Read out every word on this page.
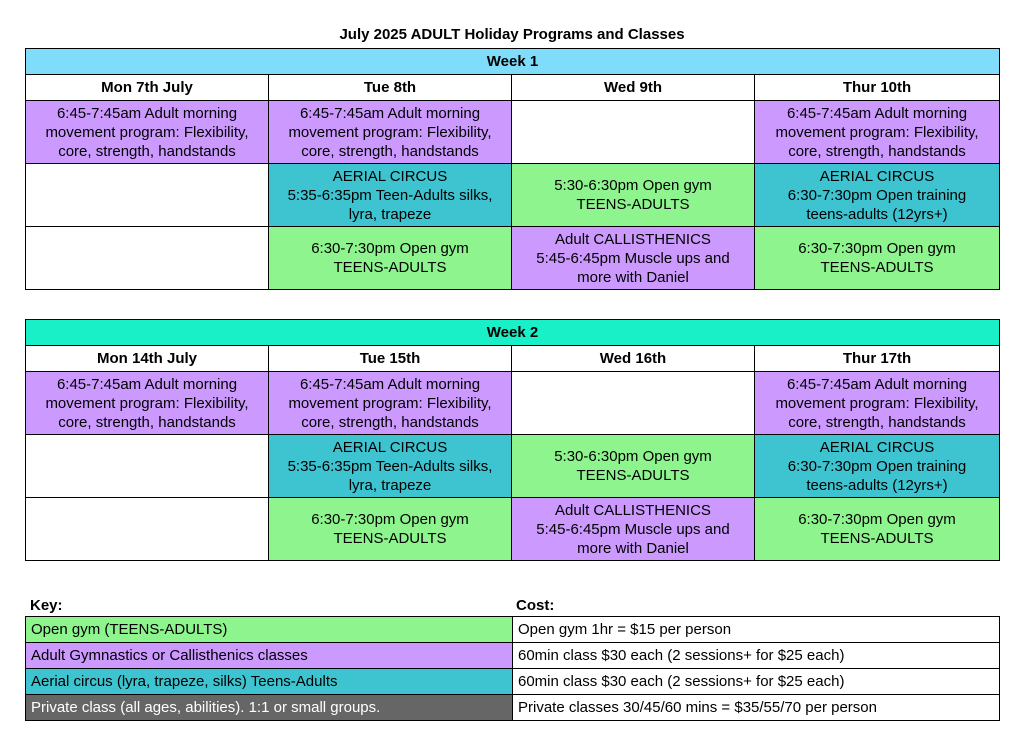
July 2025 ADULT Holiday Programs and Classes
Week 1			
Mon 7th July	Tue 8th	Wed 9th	Thur 10th

6:45-7:45am Adult morning
movement program: Flexibility,
core, strength, handstands	6:45-7:45am Adult morning
movement program: Flexibility,
core, strength, handstands		6:45-7:45am Adult morning
movement program: Flexibility,
core, strength, handstands

	AERIAL CIRCUS
5:35-6:35pm Teen-Adults silks,
lyra, trapeze	5:30-6:30pm Open gym
TEENS-ADULTS	AERIAL CIRCUS
6:30-7:30pm Open training
teens-adults (12yrs+)

	6:30-7:30pm Open gym
TEENS-ADULTS	Adult CALLISTHENICS
5:45-6:45pm Muscle ups and
more with Daniel	6:30-7:30pm Open gym
TEENS-ADULTS
Week 2			
Mon 14th July	Tue 15th	Wed 16th	Thur 17th

6:45-7:45am Adult morning
movement program: Flexibility,
core, strength, handstands	6:45-7:45am Adult morning
movement program: Flexibility,
core, strength, handstands		6:45-7:45am Adult morning
movement program: Flexibility,
core, strength, handstands

	AERIAL CIRCUS
5:35-6:35pm Teen-Adults silks,
lyra, trapeze	5:30-6:30pm Open gym
TEENS-ADULTS	AERIAL CIRCUS
6:30-7:30pm Open training
teens-adults (12yrs+)

	6:30-7:30pm Open gym
TEENS-ADULTS	Adult CALLISTHENICS
5:45-6:45pm Muscle ups and
more with Daniel	6:30-7:30pm Open gym
TEENS-ADULTS
Key:	Cost:
Open gym (TEENS-ADULTS)	Open gym 1hr = $15 per person
Adult Gymnastics or Callisthenics classes	60min class $30 each (2 sessions+ for $25 each)
Aerial circus (lyra, trapeze, silks) Teens-Adults	60min class $30 each (2 sessions+ for $25 each)
Private class (all ages, abilities). 1:1 or small groups.	Private classes 30/45/60 mins = $35/55/70 per person
